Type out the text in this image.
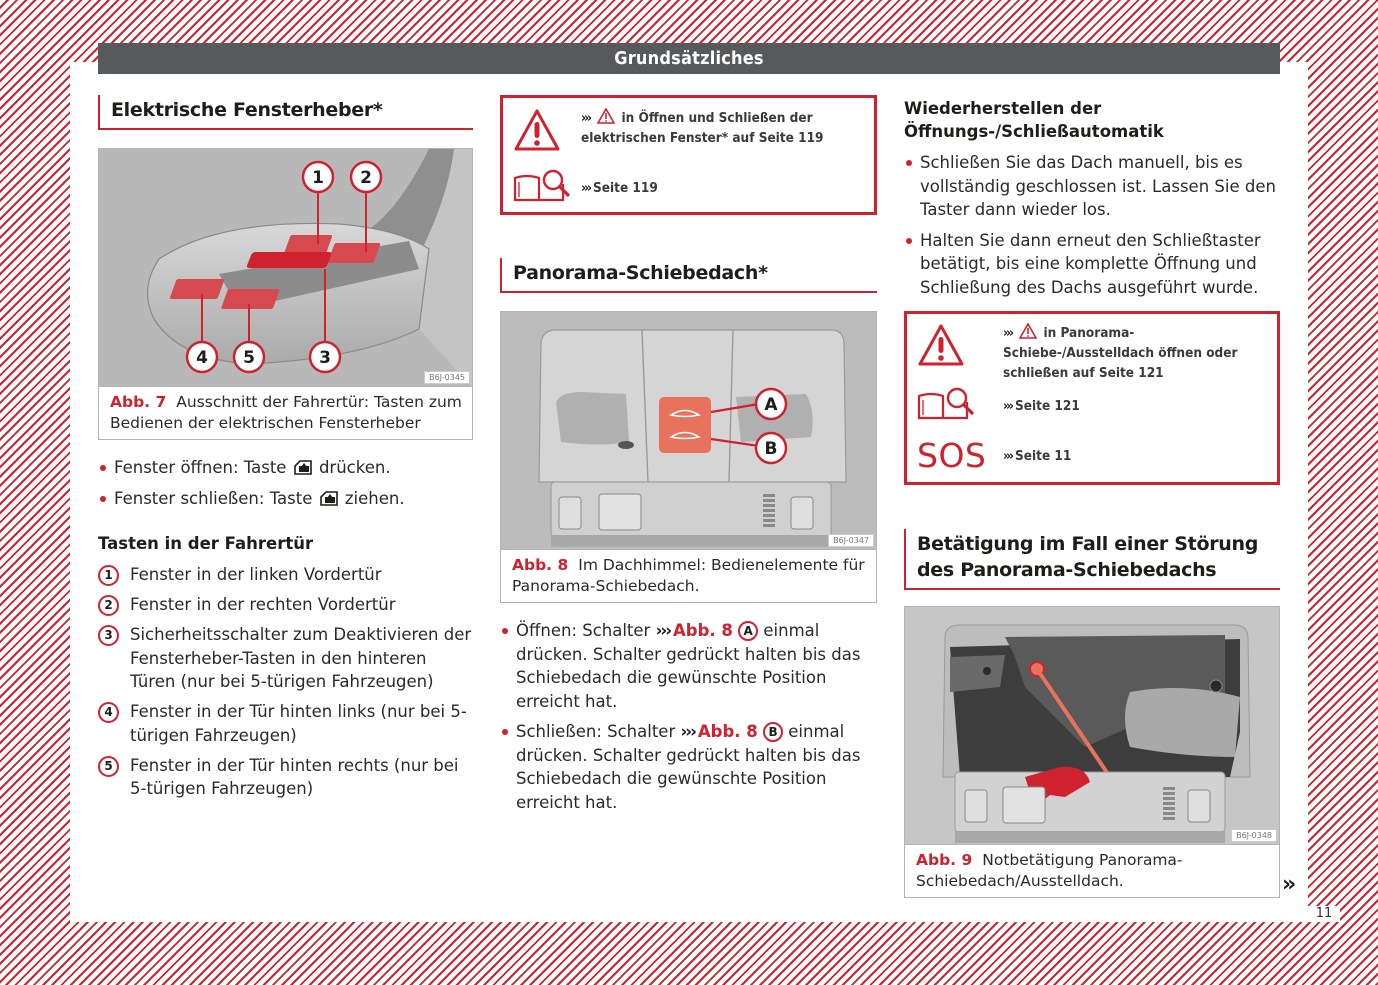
11
Grundsätzliches
Elektrische Fensterheber*
1 2
3
4 5
B6J-0345
Abb. 7 Ausschnitt der Fahrertür: Tasten zum Bedienen der elektrischen Fensterheber
Fenster öffnen: Taste drücken.
Fenster schließen: Taste ziehen.
Tasten in der Fahrertür
1	Fenster in der linken Vordertür
2	Fenster in der rechten Vordertür
3	Sicherheitsschalter zum Deaktivieren der Fensterheber-Tasten in den hinteren Türen (nur bei 5-türigen Fahrzeugen)
4	Fenster in der Tür hinten links (nur bei 5-türigen Fahrzeugen)
5	Fenster in der Tür hinten rechts (nur bei 5-türigen Fahrzeugen)
››› in Öffnen und Schließen der elektrischen Fenster* auf Seite 119
››› Seite 119
Panorama-Schiebedach*
A
B
B6J-0347
Abb. 8 Im Dachhimmel: Bedienelemente für Panorama-Schiebedach.
Öffnen: Schalter ››› Abb. 8 A einmal drücken. Schalter gedrückt halten bis das Schiebedach die gewünschte Position erreicht hat.
Schließen: Schalter ››› Abb. 8 B einmal drücken. Schalter gedrückt halten bis das Schiebedach die gewünschte Position erreicht hat.
Wiederherstellen der Öffnungs-/Schließautomatik
Schließen Sie das Dach manuell, bis es vollständig geschlossen ist. Lassen Sie den Taster dann wieder los.
Halten Sie dann erneut den Schließtaster betätigt, bis eine komplette Öffnung und Schließung des Dachs ausgeführt wurde.
››› in Panorama-Schiebe-/Ausstelldach öffnen oder schließen auf Seite 121
››› Seite 121
SOS	››› Seite 11
Betätigung im Fall einer Störung des Panorama-Schiebedachs
B6J-0348
Abb. 9 Notbetätigung Panorama-Schiebedach/Ausstelldach.	»
